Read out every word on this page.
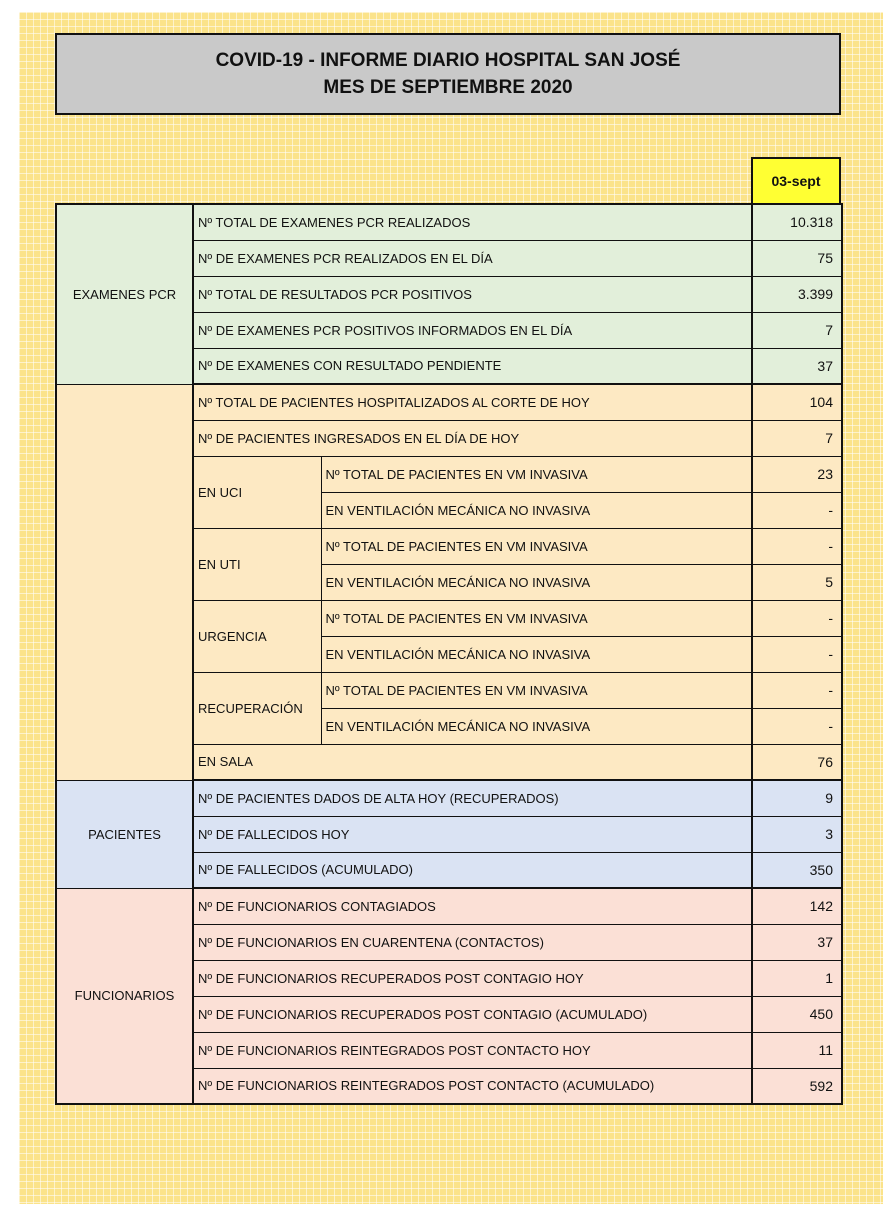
COVID-19 - INFORME DIARIO HOSPITAL SAN JOSÉ
MES DE SEPTIEMBRE 2020
03-sept
EXAMENES PCR	Nº TOTAL DE EXAMENES PCR REALIZADOS		10.318
	Nº DE EXAMENES PCR REALIZADOS EN EL DÍA		75
	Nº TOTAL DE RESULTADOS PCR POSITIVOS		3.399
	Nº DE EXAMENES PCR POSITIVOS INFORMADOS EN EL DÍA		7
	Nº DE EXAMENES CON RESULTADO PENDIENTE		37
	Nº TOTAL DE PACIENTES HOSPITALIZADOS AL CORTE DE HOY		104
	Nº DE PACIENTES INGRESADOS EN EL DÍA DE HOY		7
	EN UCI	Nº TOTAL DE PACIENTES EN VM INVASIVA	23
		EN VENTILACIÓN MECÁNICA NO INVASIVA	-
	EN UTI	Nº TOTAL DE PACIENTES EN VM INVASIVA	-
		EN VENTILACIÓN MECÁNICA NO INVASIVA	5
	URGENCIA	Nº TOTAL DE PACIENTES EN VM INVASIVA	-
		EN VENTILACIÓN MECÁNICA NO INVASIVA	-
	RECUPERACIÓN	Nº TOTAL DE PACIENTES EN VM INVASIVA	-
		EN VENTILACIÓN MECÁNICA NO INVASIVA	-
	EN SALA		76
PACIENTES	Nº DE PACIENTES DADOS DE ALTA HOY (RECUPERADOS)		9
	Nº DE FALLECIDOS HOY		3
	Nº DE FALLECIDOS (ACUMULADO)		350
FUNCIONARIOS	Nº DE FUNCIONARIOS CONTAGIADOS		142
	Nº DE FUNCIONARIOS EN CUARENTENA (CONTACTOS)		37
	Nº DE FUNCIONARIOS RECUPERADOS POST CONTAGIO HOY		1
	Nº DE FUNCIONARIOS RECUPERADOS POST CONTAGIO (ACUMULADO)		450
	Nº DE FUNCIONARIOS REINTEGRADOS POST CONTACTO HOY		11
	Nº DE FUNCIONARIOS REINTEGRADOS POST CONTACTO (ACUMULADO)		592
